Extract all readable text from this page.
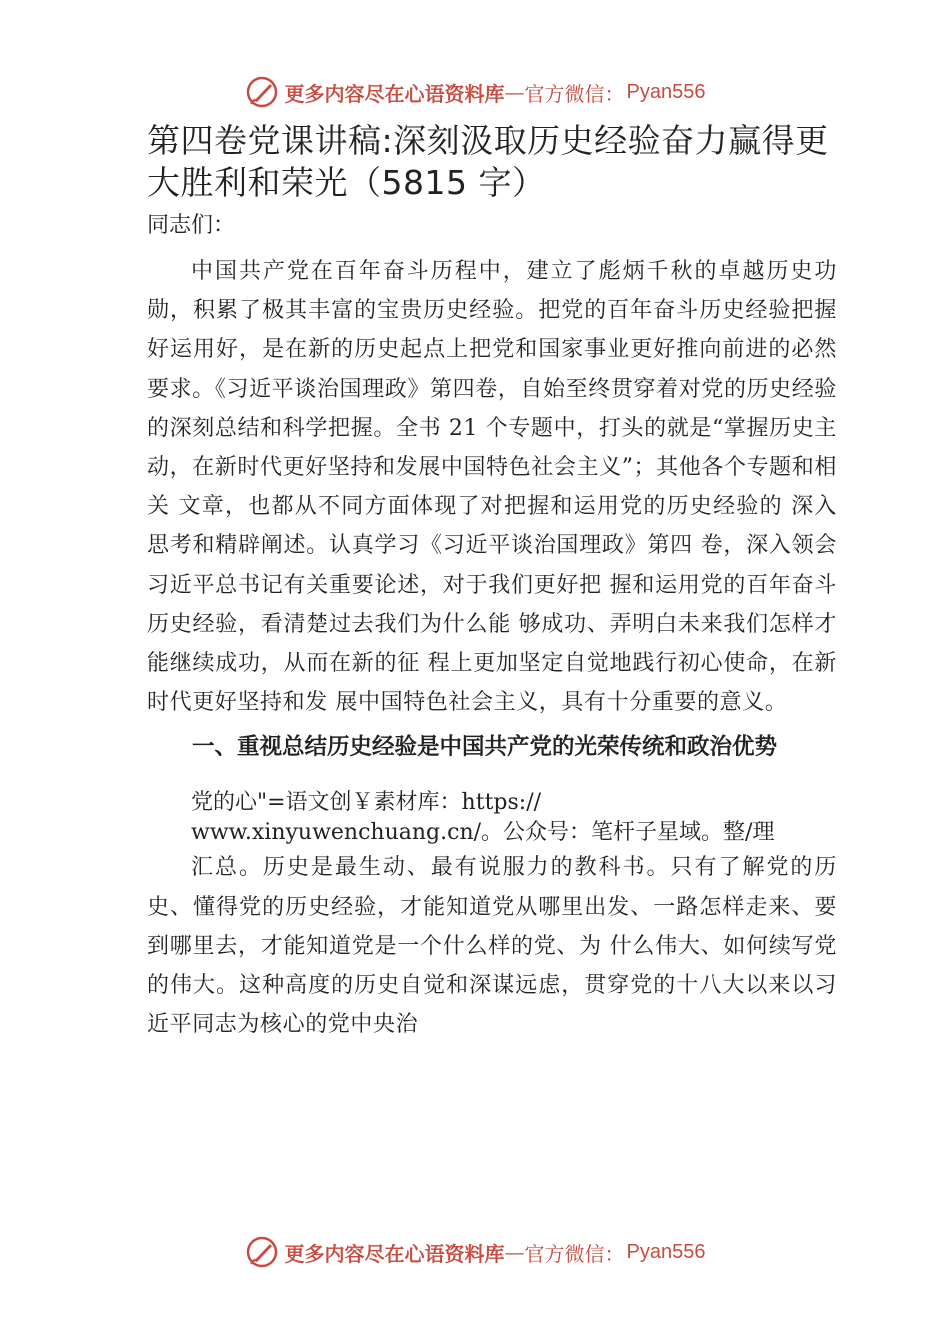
更多内容尽在心语资料库 — 官方微信： Pyan556
第四卷党课讲稿:深刻汲取历史经验奋力赢得更大胜利和荣光（5815 字）
同志们：

中国共产党在百年奋斗历程中，建立了彪炳千秋的卓越历史功勋，积累了极其丰富的宝贵历史经验。把党的百年奋斗历史经验把握好运用好，是在新的历史起点上把党和国家事业更好推向前进的必然要求。《习近平谈治国理政》第四卷，自始至终贯穿着对党的历史经验的深刻总结和科学把握。全书 21 个专题中，打头的就是“掌握历史主动，在新时代更好坚持和发展中国特色社会主义”；其他各个专题和相关 文章，也都从不同方面体现了对把握和运用党的历史经验的 深入思考和精辟阐述。认真学习《习近平谈治国理政》第四 卷，深入领会习近平总书记有关重要论述，对于我们更好把 握和运用党的百年奋斗历史经验，看清楚过去我们为什么能 够成功、弄明白未来我们怎样才能继续成功，从而在新的征 程上更加坚定自觉地践行初心使命，在新时代更好坚持和发 展中国特色社会主义，具有十分重要的意义。

一、重视总结历史经验是中国共产党的光荣传统和政治优势
党的心"=语文创￥素材库：https://
www.xinyuwenchuang.cn/。公众号：笔杆子星域。整/理

汇总。历史是最生动、最有说服力的教科书。只有了解党的历史、懂得党的历史经验，才能知道党从哪里出发、一路怎样走来、要到哪里去，才能知道党是一个什么样的党、为 什么伟大、如何续写党的伟大。这种高度的历史自觉和深谋远虑，贯穿党的十八大以来以习近平同志为核心的党中央治

更多内容尽在心语资料库 — 官方微信： Pyan556
